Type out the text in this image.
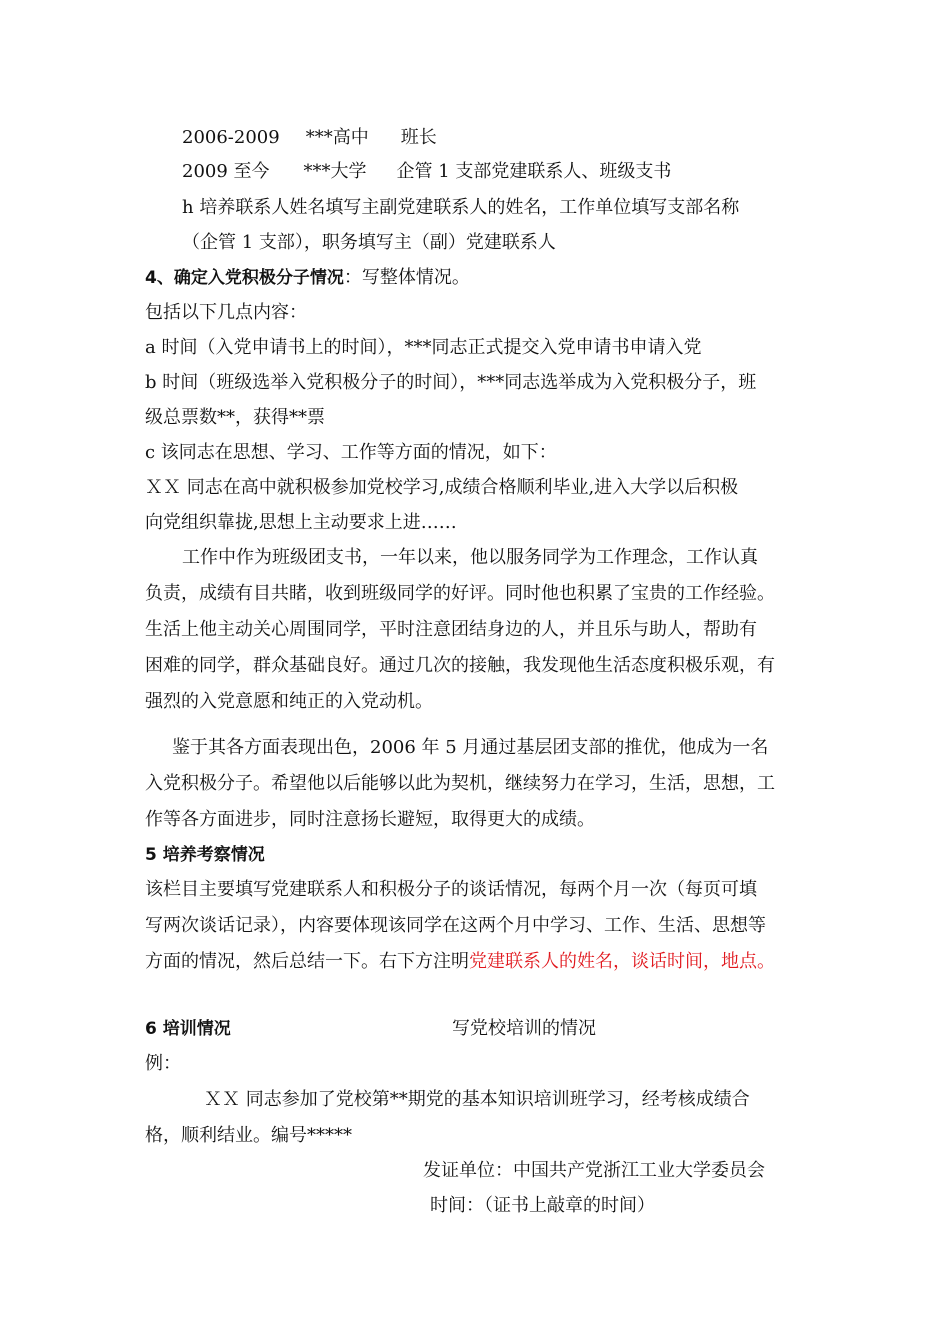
2006-2009 ***高中 班长
2009 至今 ***大学 企管 1 支部党建联系人、班级支书
h 培养联系人姓名填写主副党建联系人的姓名，工作单位填写支部名称
（企管 1 支部），职务填写主（副）党建联系人
4、确定入党积极分子情况：写整体情况。
包括以下几点内容：
a 时间（入党申请书上的时间），***同志正式提交入党申请书申请入党
b 时间（班级选举入党积极分子的时间），***同志选举成为入党积极分子，班
级总票数**，获得**票
c 该同志在思想、学习、工作等方面的情况，如下：
ＸＸ 同志在高中就积极参加党校学习,成绩合格顺利毕业,进入大学以后积极
向党组织靠拢,思想上主动要求上进……
工作中作为班级团支书，一年以来，他以服务同学为工作理念，工作认真
负责，成绩有目共睹，收到班级同学的好评。同时他也积累了宝贵的工作经验。
生活上他主动关心周围同学，平时注意团结身边的人，并且乐与助人，帮助有
困难的同学，群众基础良好。通过几次的接触，我发现他生活态度积极乐观，有
强烈的入党意愿和纯正的入党动机。
鉴于其各方面表现出色，2006 年 5 月通过基层团支部的推优，他成为一名
入党积极分子。希望他以后能够以此为契机，继续努力在学习，生活，思想，工
作等各方面进步，同时注意扬长避短，取得更大的成绩。
5 培养考察情况
该栏目主要填写党建联系人和积极分子的谈话情况，每两个月一次（每页可填
写两次谈话记录），内容要体现该同学在这两个月中学习、工作、生活、思想等
方面的情况，然后总结一下。右下方注明党建联系人的姓名，谈话时间，地点。
6 培训情况	写党校培训的情况
例：
ＸＸ 同志参加了党校第**期党的基本知识培训班学习，经考核成绩合
格，顺利结业。编号*****
发证单位：中国共产党浙江工业大学委员会
时间：（证书上敲章的时间）
